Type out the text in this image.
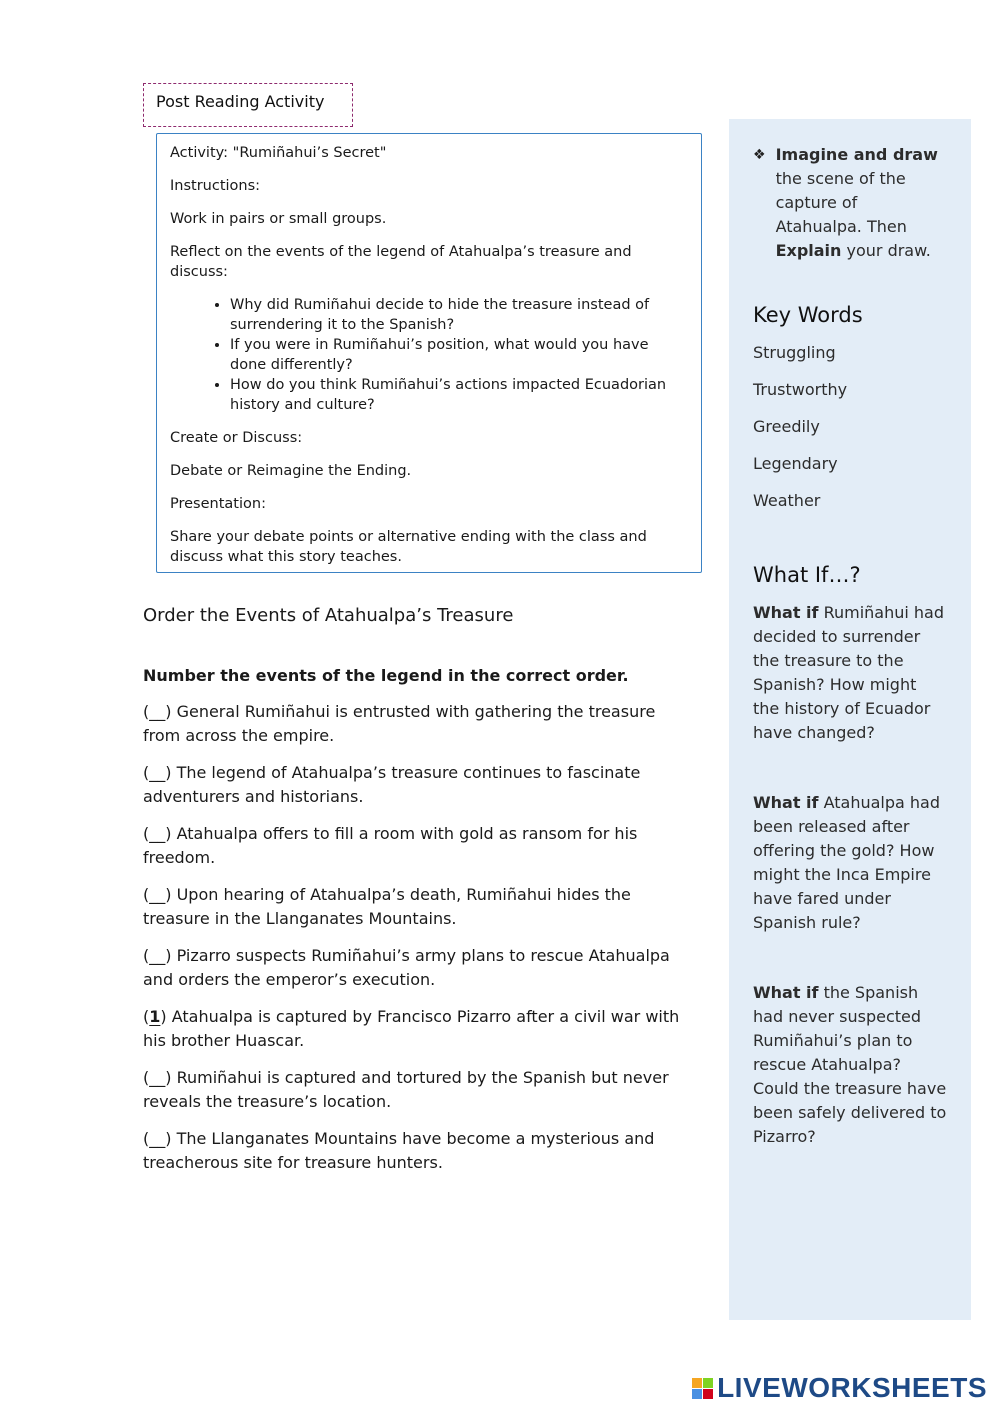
Post Reading Activity

Activity: "Rumiñahui’s Secret"

Instructions:

Work in pairs or small groups.

Reflect on the events of the legend of Atahualpa’s treasure and discuss:

• Why did Rumiñahui decide to hide the treasure instead of surrendering it to the Spanish?
• If you were in Rumiñahui’s position, what would you have done differently?
• How do you think Rumiñahui’s actions impacted Ecuadorian history and culture?

Create or Discuss:

Debate or Reimagine the Ending.

Presentation:

Share your debate points or alternative ending with the class and discuss what this story teaches.

Order the Events of Atahualpa’s Treasure

Number the events of the legend in the correct order.

(__) General Rumiñahui is entrusted with gathering the treasure from across the empire.

(__) The legend of Atahualpa’s treasure continues to fascinate adventurers and historians.

(__) Atahualpa offers to fill a room with gold as ransom for his freedom.

(__) Upon hearing of Atahualpa’s death, Rumiñahui hides the treasure in the Llanganates Mountains.

(__) Pizarro suspects Rumiñahui’s army plans to rescue Atahualpa and orders the emperor’s execution.

(1) Atahualpa is captured by Francisco Pizarro after a civil war with his brother Huascar.

(__) Rumiñahui is captured and tortured by the Spanish but never reveals the treasure’s location.

(__) The Llanganates Mountains have become a mysterious and treacherous site for treasure hunters.

❖ Imagine and draw the scene of the capture of Atahualpa. Then Explain your draw.

Key Words

Struggling

Trustworthy

Greedily

Legendary

Weather

What If…?

What if Rumiñahui had decided to surrender the treasure to the Spanish? How might the history of Ecuador have changed?

What if Atahualpa had been released after offering the gold? How might the Inca Empire have fared under Spanish rule?

What if the Spanish had never suspected Rumiñahui’s plan to rescue Atahualpa? Could the treasure have been safely delivered to Pizarro?

LIVEWORKSHEETS
